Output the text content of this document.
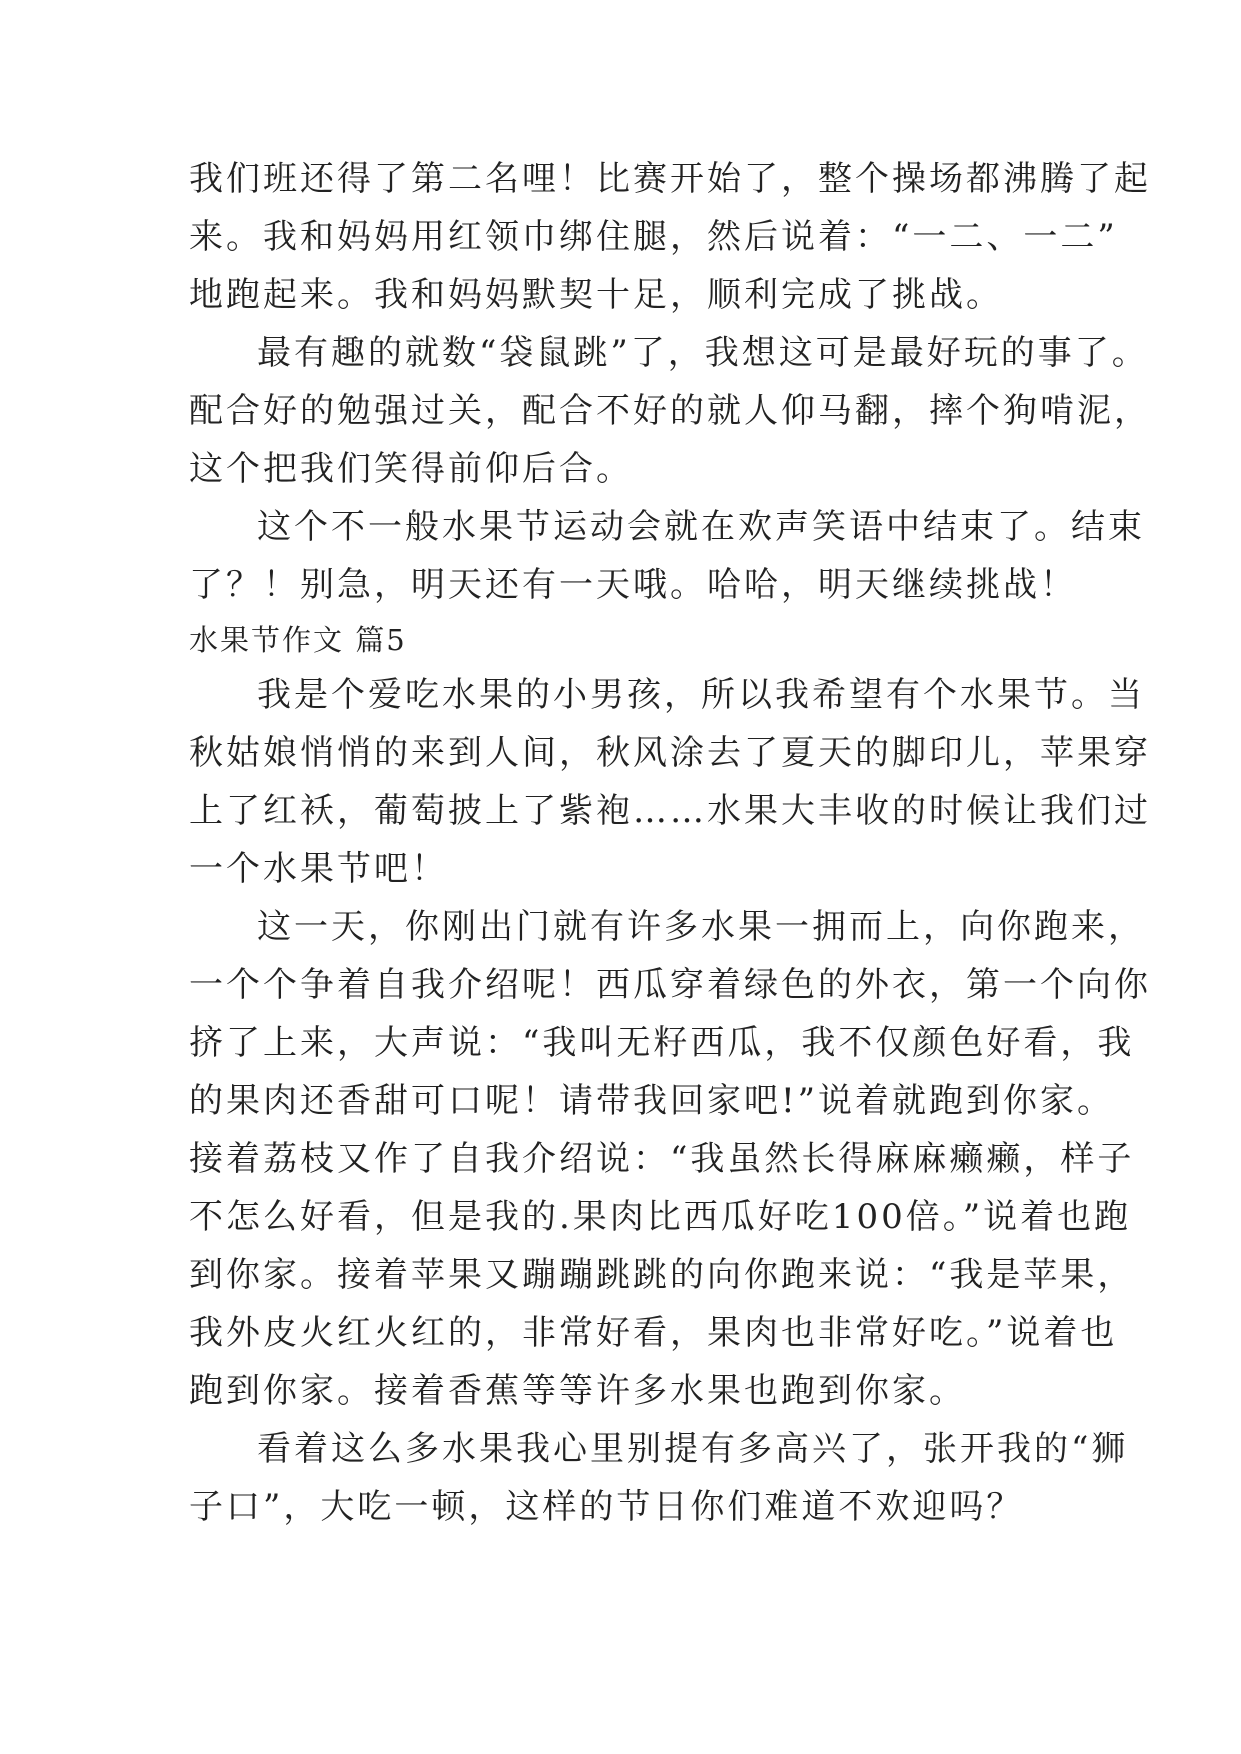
我们班还得了第二名哩！比赛开始了，整个操场都沸腾了起
来。我和妈妈用红领巾绑住腿，然后说着：“一二、一二”
地跑起来。我和妈妈默契十足，顺利完成了挑战。
最有趣的就数“袋鼠跳”了，我想这可是最好玩的事了。
配合好的勉强过关，配合不好的就人仰马翻，摔个狗啃泥，
这个把我们笑得前仰后合。
这个不一般水果节运动会就在欢声笑语中结束了。结束
了？！别急，明天还有一天哦。哈哈，明天继续挑战！
水果节作文 篇5
我是个爱吃水果的小男孩，所以我希望有个水果节。当
秋姑娘悄悄的来到人间，秋风涂去了夏天的脚印儿，苹果穿
上了红袄，葡萄披上了紫袍……水果大丰收的时候让我们过
一个水果节吧！
这一天，你刚出门就有许多水果一拥而上，向你跑来，
一个个争着自我介绍呢！西瓜穿着绿色的外衣，第一个向你
挤了上来，大声说：“我叫无籽西瓜，我不仅颜色好看，我
的果肉还香甜可口呢！请带我回家吧!”说着就跑到你家。
接着荔枝又作了自我介绍说：“我虽然长得麻麻癞癞，样子
不怎么好看，但是我的.果肉比西瓜好吃100倍。”说着也跑
到你家。接着苹果又蹦蹦跳跳的向你跑来说：“我是苹果，
我外皮火红火红的，非常好看，果肉也非常好吃。”说着也
跑到你家。接着香蕉等等许多水果也跑到你家。
看着这么多水果我心里别提有多高兴了，张开我的“狮
子口”，大吃一顿，这样的节日你们难道不欢迎吗？
